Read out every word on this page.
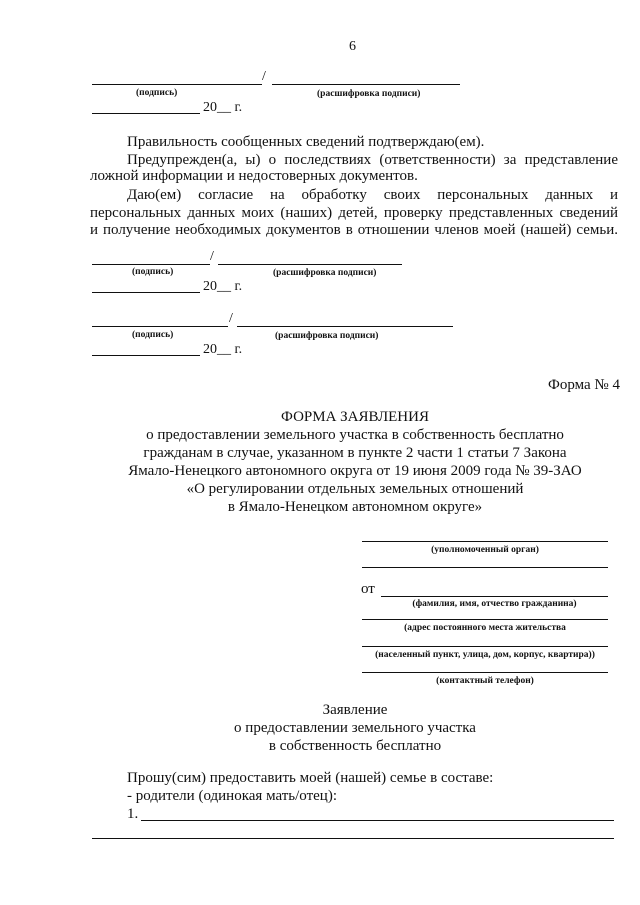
6
/
(подпись)	(расшифровка подписи)
20__ г.
Правильность сообщенных сведений подтверждаю(ем).
Предупрежден(а, ы) о последствиях (ответственности) за представление
ложной информации и недостоверных документов.
Даю(ем) согласие на обработку своих персональных данных и
персональных данных моих (наших) детей, проверку представленных сведений
и получение необходимых документов в отношении членов моей (нашей) семьи.
/
(подпись)	(расшифровка подписи)
20__ г.
/
(подпись)	(расшифровка подписи)
20__ г.
Форма № 4
ФОРМА ЗАЯВЛЕНИЯ
о предоставлении земельного участка в собственность бесплатно
гражданам в случае, указанном в пункте 2 части 1 статьи 7 Закона
Ямало-Ненецкого автономного округа от 19 июня 2009 года № 39-ЗАО
«О регулировании отдельных земельных отношений
в Ямало-Ненецком автономном округе»
(уполномоченный орган)
от
(фамилия, имя, отчество гражданина)
(адрес постоянного места жительства
(населенный пункт, улица, дом, корпус, квартира))
(контактный телефон)
Заявление
о предоставлении земельного участка
в собственность бесплатно
Прошу(сим) предоставить моей (нашей) семье в составе:
- родители (одинокая мать/отец):
1.
